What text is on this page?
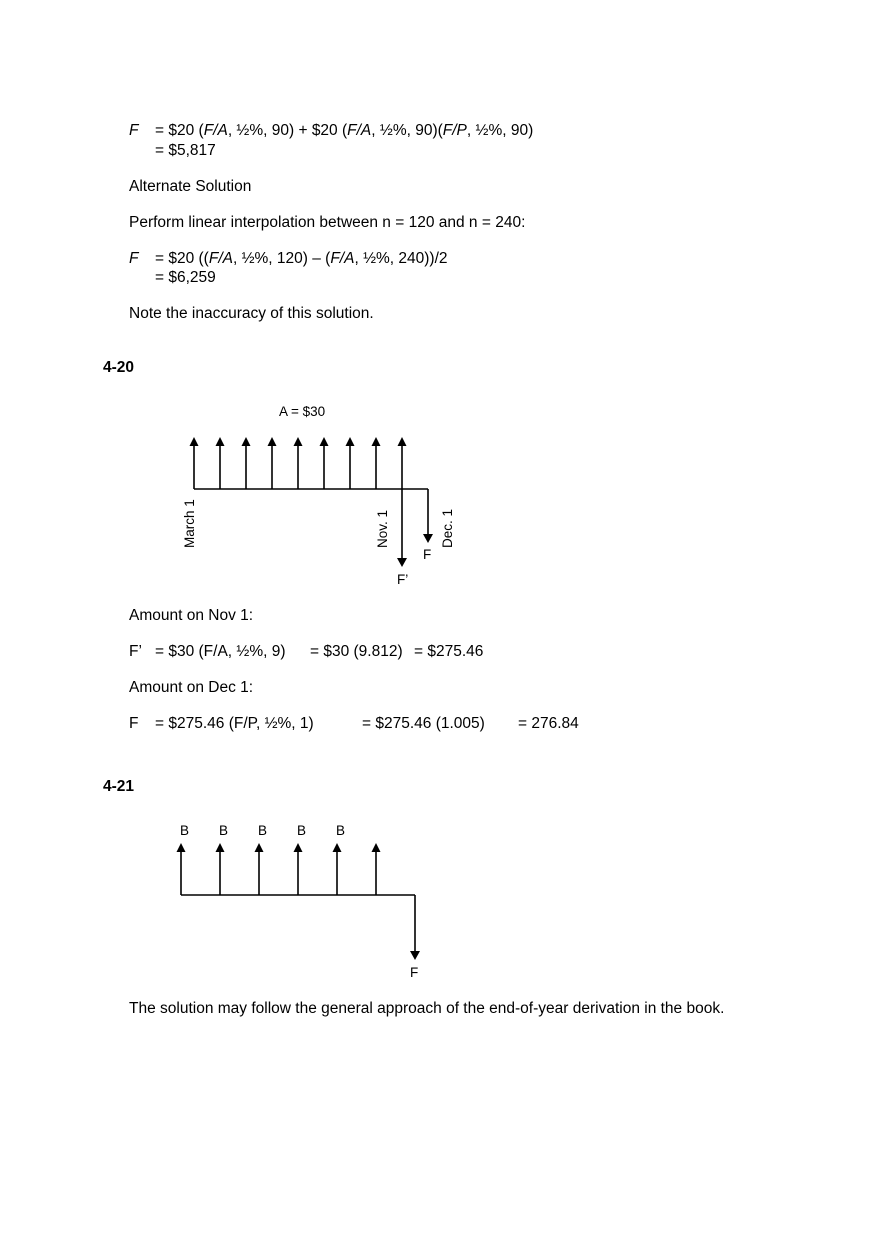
F = $20 (F/A, ½%, 90) + $20 (F/A, ½%, 90)(F/P, ½%, 90)
= $5,817
Alternate Solution
Perform linear interpolation between n = 120 and n = 240:
F = $20 ((F/A, ½%, 120) – (F/A, ½%, 240))/2
= $6,259
Note the inaccuracy of this solution.
4-20
A = $30
March 1	Nov. 1	Dec. 1
F
F’
Amount on Nov 1:
F’ = $30 (F/A, ½%, 9) = $30 (9.812) = $275.46
Amount on Dec 1:
F = $275.46 (F/P, ½%, 1)	= $275.46 (1.005) = 276.84
4-21
B B B B B
F
The solution may follow the general approach of the end-of-year derivation in the book.
